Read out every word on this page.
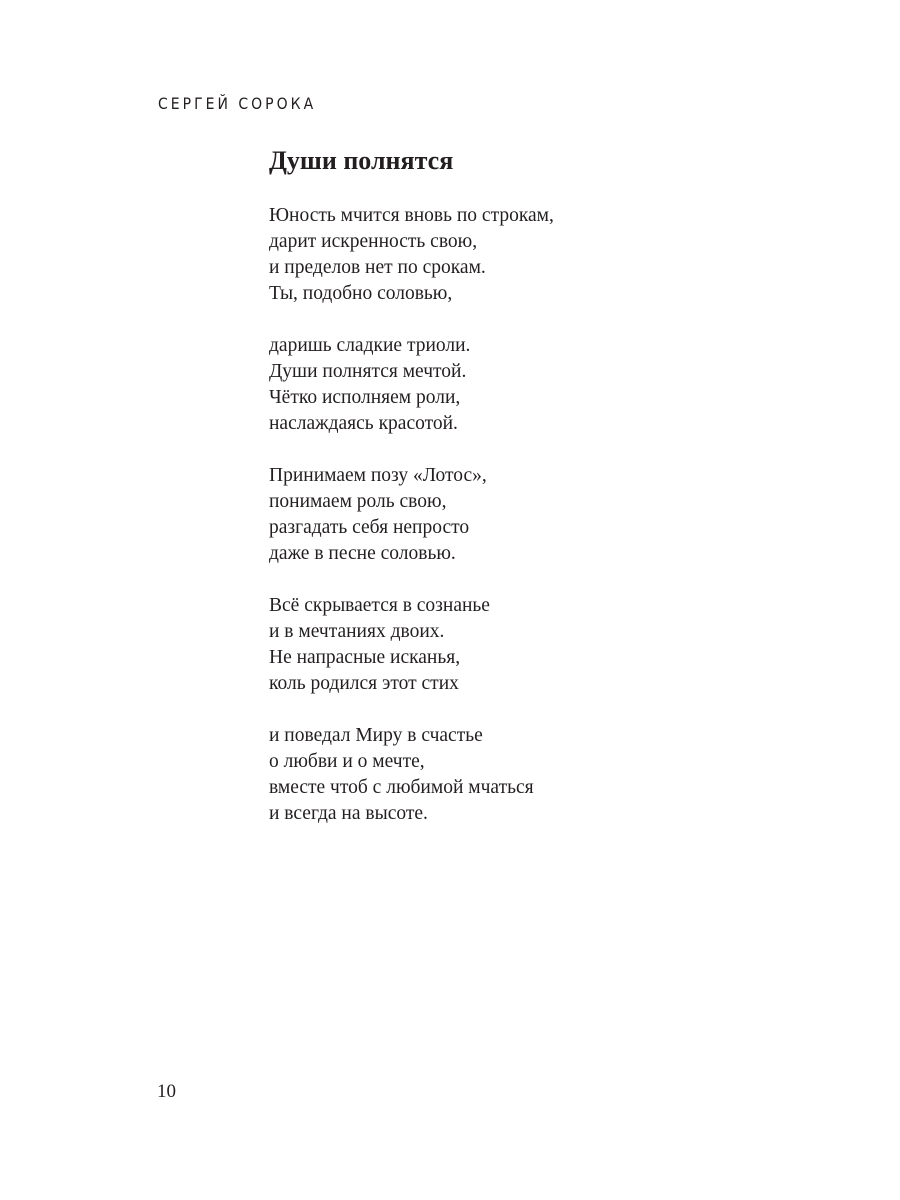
СЕРГЕЙ СОРОКА
Души полнятся
Юность мчится вновь по строкам,
дарит искренность свою,
и пределов нет по срокам.
Ты, подобно соловью,
даришь сладкие триоли.
Души полнятся мечтой.
Чётко исполняем роли,
наслаждаясь красотой.
Принимаем позу «Лотос»,
понимаем роль свою,
разгадать себя непросто
даже в песне соловью.
Всё скрывается в сознанье
и в мечтаниях двоих.
Не напрасные исканья,
коль родился этот стих
и поведал Миру в счастье
о любви и о мечте,
вместе чтоб с любимой мчаться
и всегда на высоте.
10
